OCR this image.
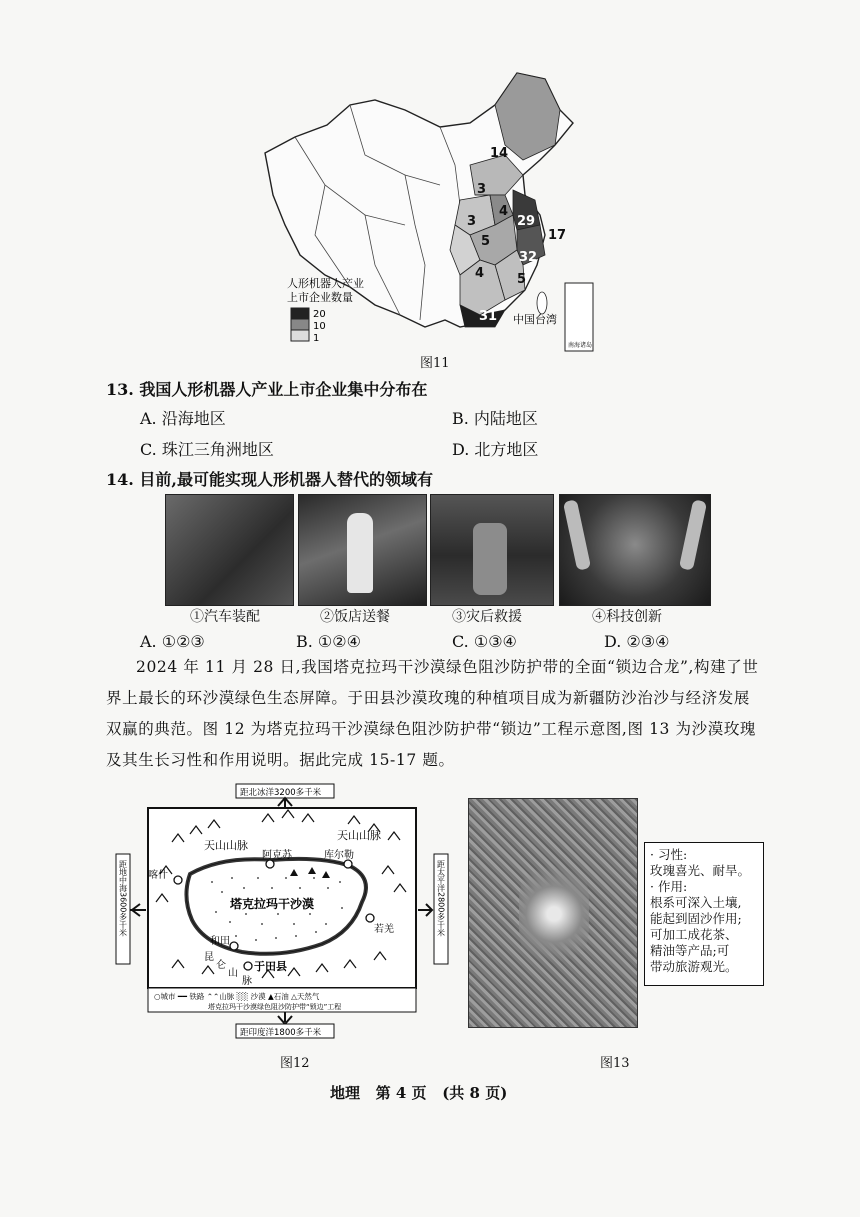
14
3
4
29
17
5
3
32
4	5
31 中国台湾
南海诸岛
人形机器人产业
上市企业数量
20
10
1
图11
13. 我国人形机器人产业上市企业集中分布在
A. 沿海地区	B. 内陆地区
C. 珠江三角洲地区	D. 北方地区
14. 目前,最可能实现人形机器人替代的领域有
①汽车装配	②饭店送餐	③灾后救援	④科技创新
A. ①②③	B. ①②④	C. ①③④	D. ②③④
2024 年 11 月 28 日,我国塔克拉玛干沙漠绿色阻沙防护带的全面“锁边合龙”,构建了世
界上最长的环沙漠绿色生态屏障。于田县沙漠玫瑰的种植项目成为新疆防沙治沙与经济发展
双赢的典范。图 12 为塔克拉玛干沙漠绿色阻沙防护带“锁边”工程示意图,图 13 为沙漠玫瑰
及其生长习性和作用说明。据此完成 15-17 题。
距北冰洋3200多千米
距地中海3600多千米	距太平洋2800多千米
天山山脉
天山山脉
塔克拉玛干沙漠
喀什
阿克苏	库尔勒
和田
若羌
于田县
昆
仑
山
脉
○城市 ━━ 铁路 ⌃⌃山脉 ░░ 沙漠 ▲石油 △天然气
塔克拉玛干沙漠绿色阻沙防护带“锁边”工程
距印度洋1800多千米
图12
· 习性:
玫瑰喜光、耐旱。
· 作用:
根系可深入土壤,
能起到固沙作用;
可加工成花茶、
精油等产品;可
带动旅游观光。
图13
地理   第 4 页   (共 8 页)
